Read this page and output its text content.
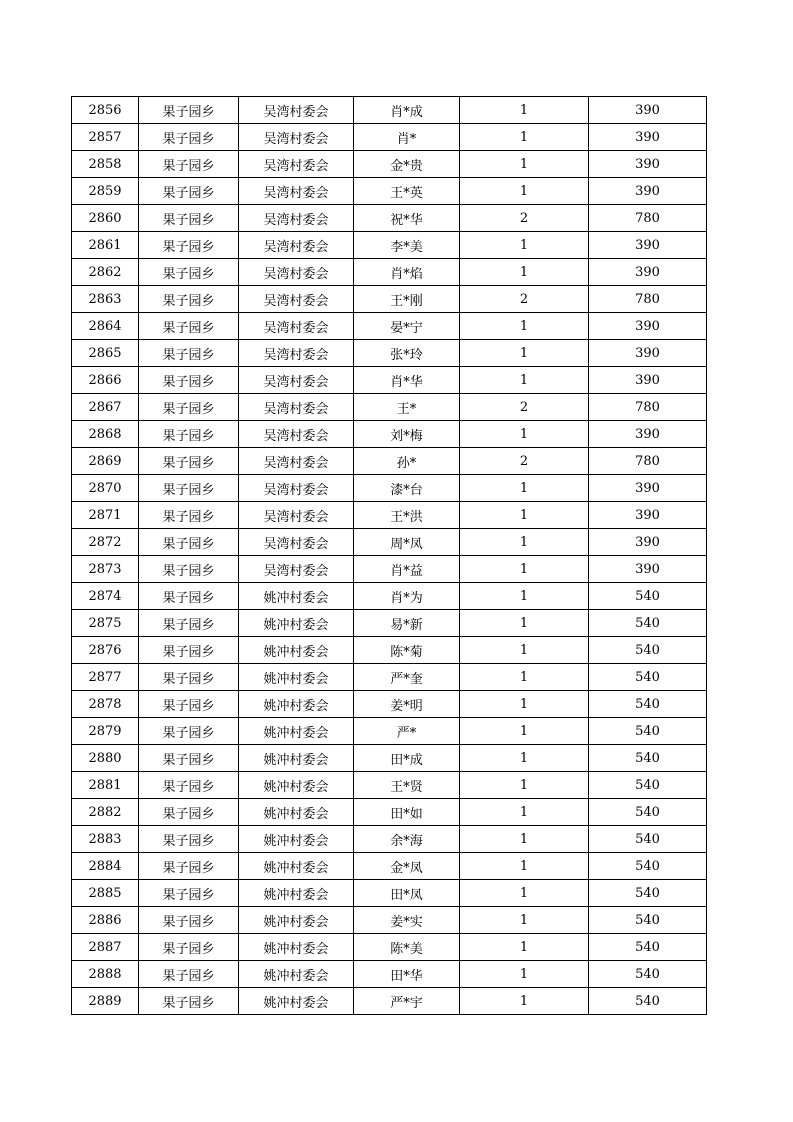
2856	果子园乡	吴湾村委会	肖*成	1	390
2857	果子园乡	吴湾村委会	肖*	1	390
2858	果子园乡	吴湾村委会	金*贵	1	390
2859	果子园乡	吴湾村委会	王*英	1	390
2860	果子园乡	吴湾村委会	祝*华	2	780
2861	果子园乡	吴湾村委会	李*美	1	390
2862	果子园乡	吴湾村委会	肖*焰	1	390
2863	果子园乡	吴湾村委会	王*刚	2	780
2864	果子园乡	吴湾村委会	晏*宁	1	390
2865	果子园乡	吴湾村委会	张*玲	1	390
2866	果子园乡	吴湾村委会	肖*华	1	390
2867	果子园乡	吴湾村委会	王*	2	780
2868	果子园乡	吴湾村委会	刘*梅	1	390
2869	果子园乡	吴湾村委会	孙*	2	780
2870	果子园乡	吴湾村委会	漆*台	1	390
2871	果子园乡	吴湾村委会	王*洪	1	390
2872	果子园乡	吴湾村委会	周*凤	1	390
2873	果子园乡	吴湾村委会	肖*益	1	390
2874	果子园乡	姚冲村委会	肖*为	1	540
2875	果子园乡	姚冲村委会	易*新	1	540
2876	果子园乡	姚冲村委会	陈*菊	1	540
2877	果子园乡	姚冲村委会	严*奎	1	540
2878	果子园乡	姚冲村委会	姜*明	1	540
2879	果子园乡	姚冲村委会	严*	1	540
2880	果子园乡	姚冲村委会	田*成	1	540
2881	果子园乡	姚冲村委会	王*贤	1	540
2882	果子园乡	姚冲村委会	田*如	1	540
2883	果子园乡	姚冲村委会	余*海	1	540
2884	果子园乡	姚冲村委会	金*凤	1	540
2885	果子园乡	姚冲村委会	田*凤	1	540
2886	果子园乡	姚冲村委会	姜*实	1	540
2887	果子园乡	姚冲村委会	陈*美	1	540
2888	果子园乡	姚冲村委会	田*华	1	540
2889	果子园乡	姚冲村委会	严*宇	1	540
